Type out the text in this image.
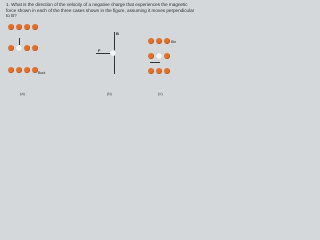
1. What is the direction of the velocity of a negative charge that experiences the magnetic force shown in each of the three cases shown in the figure, assuming it moves perpendicular to B?

Bout
(a)
B
F
(b)
Bin
(c)
